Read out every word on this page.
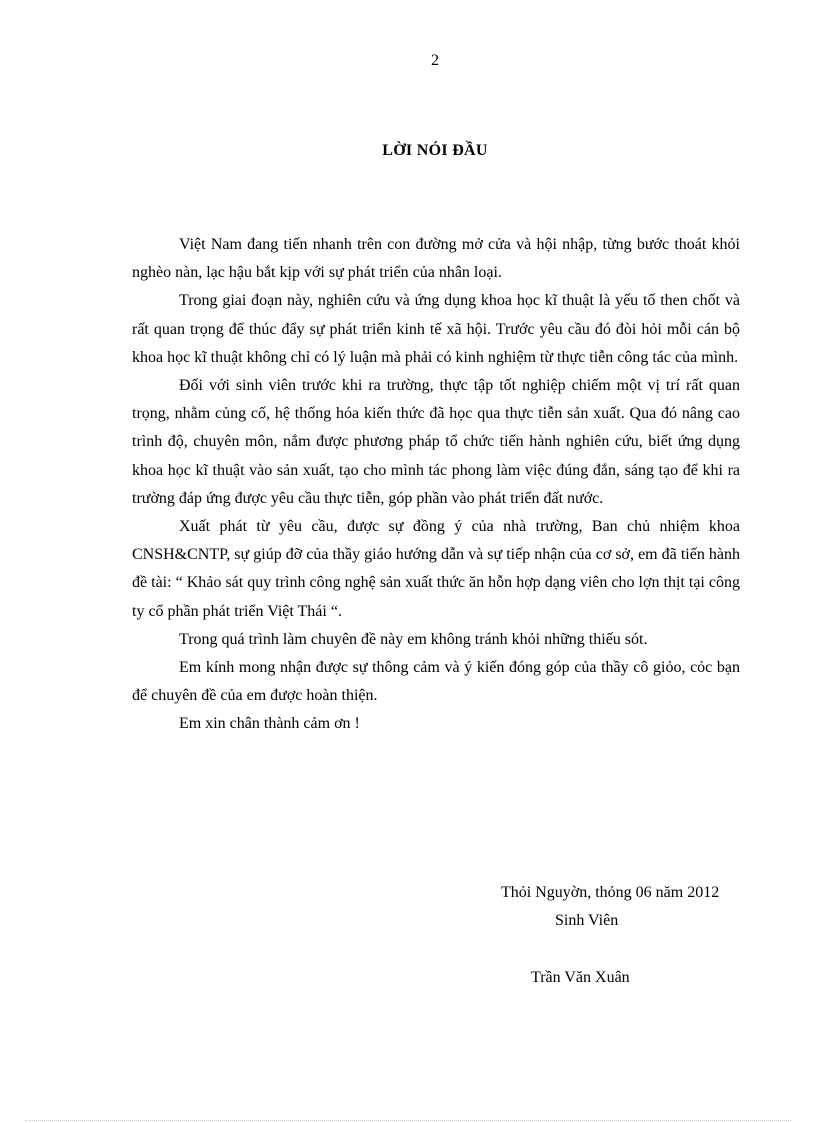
2
LỜI NÓI ĐẦU

Việt Nam đang tiến nhanh trên con đường mở cửa và hội nhập, từng bước thoát khỏi nghèo nàn, lạc hậu bắt kịp với sự phát triển của nhân loại.

Trong giai đoạn này, nghiên cứu và ứng dụng khoa học kĩ thuật là yếu tố then chốt và rất quan trọng để thúc đẩy sự phát triển kinh tế xã hội. Trước yêu cầu đó đòi hỏi mỗi cán bộ khoa học kĩ thuật không chỉ có lý luận mà phải có kinh nghiệm từ thực tiễn công tác của mình.

Đối với sinh viên trước khi ra trường, thực tập tốt nghiệp chiếm một vị trí rất quan trọng, nhằm củng cố, hệ thống hóa kiến thức đã học qua thực tiễn sản xuất. Qua đó nâng cao trình độ, chuyên môn, nắm được phương pháp tổ chức tiến hành nghiên cứu, biết ứng dụng khoa học kĩ thuật vào sản xuất, tạo cho mình tác phong làm việc đúng đắn, sáng tạo để khi ra trường đáp ứng được yêu cầu thực tiễn, góp phần vào phát triển đất nước.

Xuất phát từ yêu cầu, được sự đồng ý của nhà trường, Ban chủ nhiệm khoa CNSH&CNTP, sự giúp đỡ của thầy giáo hướng dẫn và sự tiếp nhận của cơ sở, em đã tiến hành đề tài: “ Khảo sát quy trình công nghệ sản xuất thức ăn hỗn hợp dạng viên cho lợn thịt tại công ty cổ phần phát triển Việt Thái “.

Trong quá trình làm chuyên đề này em không tránh khỏi những thiếu sót.

Em kính mong nhận được sự thông cảm và ý kiến đóng góp của thầy cô giỏo, cỏc bạn để chuyên đề của em được hoàn thiện.

Em xin chân thành cảm ơn !

Thỏi Nguyờn, thỏng 06 năm 2012
Sinh Viên
Trần Văn Xuân
